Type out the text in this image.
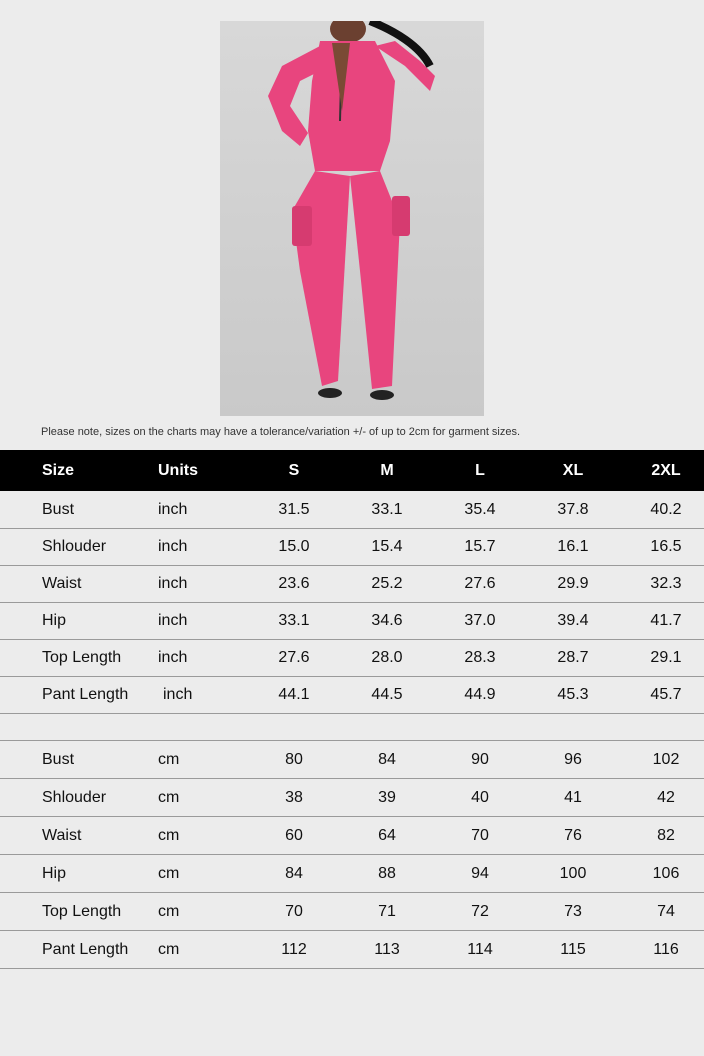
Please note, sizes on the charts may have a tolerance/variation +/- of up to 2cm for garment sizes.
Size	Units	S	M	L	XL	2XL
Bust	inch	31.5	33.1	35.4	37.8	40.2
Shlouder	inch	15.0	15.4	15.7	16.1	16.5
Waist	inch	23.6	25.2	27.6	29.9	32.3
Hip	inch	33.1	34.6	37.0	39.4	41.7
Top Length inch	27.6	28.0	28.3	28.7	29.1
Pant Length inch	44.1	44.5	44.9	45.3	45.7
Bust	cm	80	84	90	96	102
Shlouder	cm	38	39	40	41	42
Waist	cm	60	64	70	76	82
Hip	cm	84	88	94	100	106
Top Length cm	70	71	72	73	74
Pant Length cm	112	113	114	115	116
